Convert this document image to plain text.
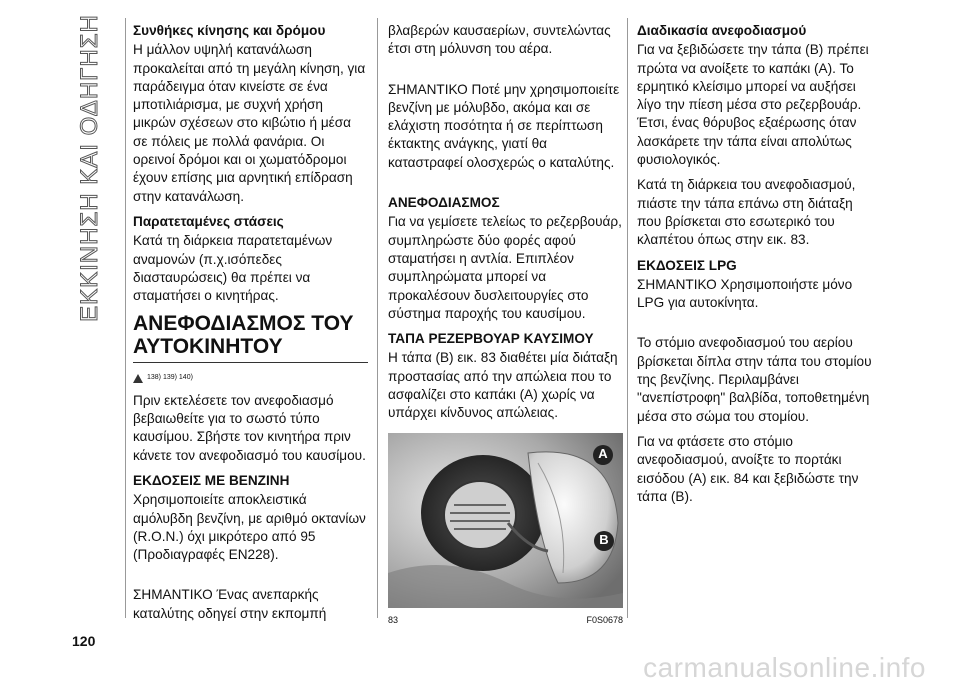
ΕΚΚΙΝΗΣΗ ΚΑΙ ΟΔΗΓΗΣΗ Συνθήκες κίνησης και δρόμου

Η μάλλον υψηλή κατανάλωση προκαλείται από τη μεγάλη κίνηση, για παράδειγμα όταν κινείστε σε ένα μποτιλιάρισμα, με συχνή χρήση μικρών σχέσεων στο κιβώτιο ή μέσα σε πόλεις με πολλά φανάρια. Οι ορεινοί δρόμοι και οι χωματόδρομοι έχουν επίσης μια αρνητική επίδραση στην κατανάλωση.

Παρατεταμένες στάσεις

Κατά τη διάρκεια παρατεταμένων αναμονών (π.χ.ισόπεδες διασταυρώσεις) θα πρέπει να σταματήσει ο κινητήρας.

ΑΝΕΦΟΔΙΑΣΜΟΣ ΤΟΥ ΑΥΤΟΚΙΝΗΤΟΥ
138) 139) 140)

Πριν εκτελέσετε τον ανεφοδιασμό βεβαιωθείτε για το σωστό τύπο καυσίμου. Σβήστε τον κινητήρα πριν κάνετε τον ανεφοδιασμό του καυσίμου.

ΕΚΔΟΣΕΙΣ ΜΕ ΒΕΝΖΙΝΗ

Χρησιμοποιείτε αποκλειστικά αμόλυβδη βενζίνη, με αριθμό οκτανίων (R.O.N.) όχι μικρότερο από 95 (Προδιαγραφές EN228).

ΣΗΜΑΝΤΙΚΟ Ένας ανεπαρκής καταλύτης οδηγεί στην εκπομπή

βλαβερών καυσαερίων, συντελώντας έτσι στη μόλυνση του αέρα.

ΣΗΜΑΝΤΙΚΟ Ποτέ μην χρησιμοποιείτε βενζίνη με μόλυβδο, ακόμα και σε ελάχιστη ποσότητα ή σε περίπτωση έκτακτης ανάγκης, γιατί θα καταστραφεί ολοσχερώς ο καταλύτης.

ΑΝΕΦΟΔΙΑΣΜΟΣ

Για να γεμίσετε τελείως το ρεζερβουάρ, συμπληρώστε δύο φορές αφού σταματήσει η αντλία. Επιπλέον συμπληρώματα μπορεί να προκαλέσουν δυσλειτουργίες στο σύστημα παροχής του καυσίμου.

ΤΑΠΑ ΡΕΖΕΡΒΟΥΑΡ ΚΑΥΣΙΜΟΥ

Η τάπα (B) εικ. 83 διαθέτει μία διάταξη προστασίας από την απώλεια που το ασφαλίζει στο καπάκι (A) χωρίς να υπάρχει κίνδυνος απώλειας.

A
B
83	F0S0678
Διαδικασία ανεφοδιασμού

Για να ξεβιδώσετε την τάπα (B) πρέπει πρώτα να ανοίξετε το καπάκι (A). Το ερμητικό κλείσιμο μπορεί να αυξήσει λίγο την πίεση μέσα στο ρεζερβουάρ. Έτσι, ένας θόρυβος εξαέρωσης όταν λασκάρετε την τάπα είναι απολύτως φυσιολογικός.

Κατά τη διάρκεια του ανεφοδιασμού, πιάστε την τάπα επάνω στη διάταξη που βρίσκεται στο εσωτερικό του κλαπέτου όπως στην εικ. 83.

ΕΚΔΟΣΕΙΣ LPG

ΣΗΜΑΝΤΙΚΟ Χρησιμοποιήστε μόνο LPG για αυτοκίνητα.

Το στόμιο ανεφοδιασμού του αερίου βρίσκεται δίπλα στην τάπα του στομίου της βενζίνης. Περιλαμβάνει "ανεπίστροφη" βαλβίδα, τοποθετημένη μέσα στο σώμα του στομίου.

Για να φτάσετε στο στόμιο ανεφοδιασμού, ανοίξτε το πορτάκι εισόδου (A) εικ. 84 και ξεβιδώστε την τάπα (B).

120
carmanualsonline.info
